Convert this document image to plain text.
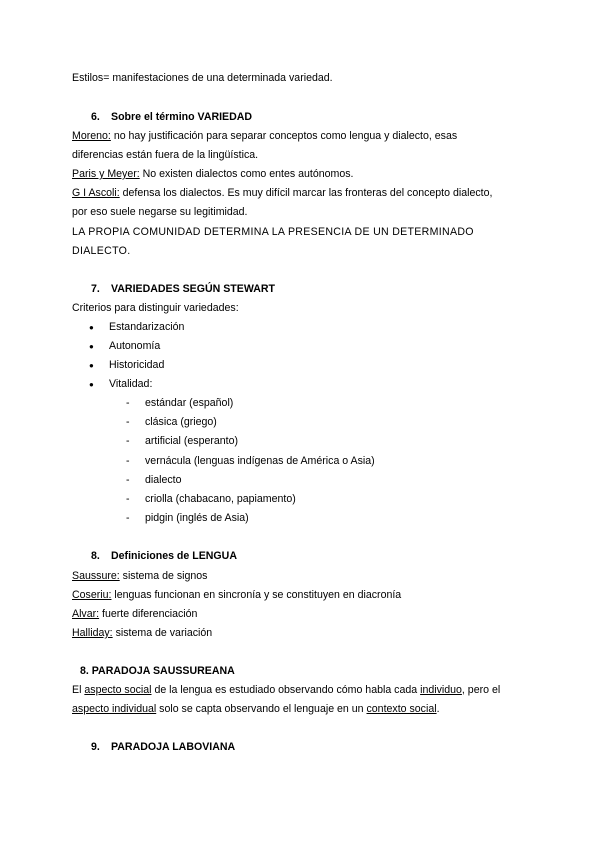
Estilos= manifestaciones de una determinada variedad.
6. Sobre el término VARIEDAD
Moreno: no hay justificación para separar conceptos como lengua y dialecto, esas
diferencias están fuera de la lingüística.
Paris y Meyer: No existen dialectos como entes autónomos.
G I Ascoli: defensa los dialectos. Es muy difícil marcar las fronteras del concepto dialecto,
por eso suele negarse su legitimidad.
LA PROPIA COMUNIDAD DETERMINA LA PRESENCIA DE UN DETERMINADO
DIALECTO.
7. VARIEDADES SEGÚN STEWART
Criterios para distinguir variedades:
● Estandarización
● Autonomía
● Historicidad
● Vitalidad:
- estándar (español)
- clásica (griego)
- artificial (esperanto)
- vernácula (lenguas indígenas de América o Asia)
- dialecto
- criolla (chabacano, papiamento)
- pidgin (inglés de Asia)
8. Definiciones de LENGUA
Saussure: sistema de signos
Coseriu: lenguas funcionan en sincronía y se constituyen en diacronía
Alvar: fuerte diferenciación
Halliday: sistema de variación
8. PARADOJA SAUSSUREANA
El aspecto social de la lengua es estudiado observando cómo habla cada individuo, pero el
aspecto individual solo se capta observando el lenguaje en un contexto social.
9. PARADOJA LABOVIANA
